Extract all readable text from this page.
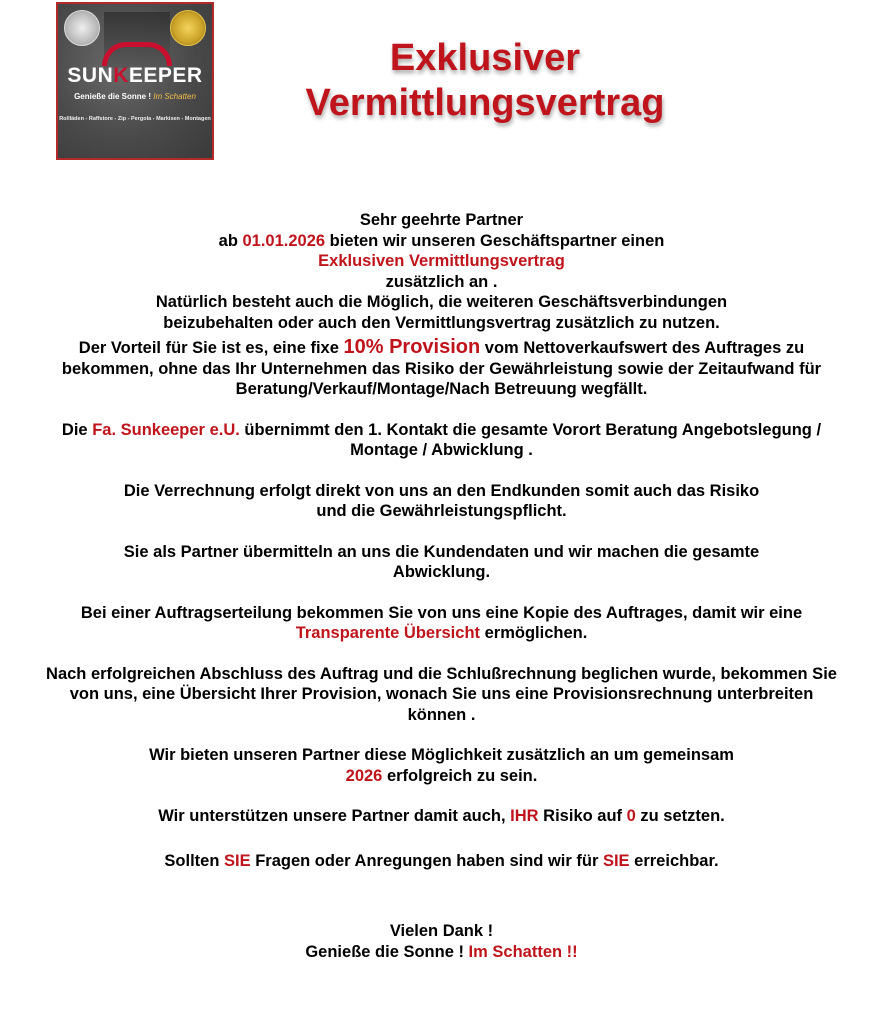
SUNKEEPER
Genieße die Sonne ! Im Schatten
Rollläden - Raffstore - Zip - Pergola - Markisen - Montagen
Exklusiver
Vermittlungsvertrag

Sehr geehrte Partner

ab 01.01.2026 bieten wir unseren Geschäftspartner einen

Exklusiven Vermittlungsvertrag

zusätzlich an .

Natürlich besteht auch die Möglich, die weiteren Geschäftsverbindungen beizubehalten oder auch den Vermittlungsvertrag zusätzlich zu nutzen.

Der Vorteil für Sie ist es, eine fixe 10% Provision vom Nettoverkaufswert des Auftrages zu bekommen, ohne das Ihr Unternehmen das Risiko der Gewährleistung sowie der Zeitaufwand für Beratung/Verkauf/Montage/Nach Betreuung wegfällt.

Die Fa. Sunkeeper e.U. übernimmt den 1. Kontakt die gesamte Vorort Beratung Angebotslegung / Montage / Abwicklung .

Die Verrechnung erfolgt direkt von uns an den Endkunden somit auch das Risiko und die Gewährleistungspflicht.

Sie als Partner übermitteln an uns die Kundendaten und wir machen die gesamte Abwicklung.

Bei einer Auftragserteilung bekommen Sie von uns eine Kopie des Auftrages, damit wir eine Transparente Übersicht ermöglichen.

Nach erfolgreichen Abschluss des Auftrag und die Schlußrechnung beglichen wurde, bekommen Sie von uns, eine Übersicht Ihrer Provision, wonach Sie uns eine Provisionsrechnung unterbreiten können .

Wir bieten unseren Partner diese Möglichkeit zusätzlich an um gemeinsam
2026 erfolgreich zu sein.

Wir unterstützen unsere Partner damit auch, IHR Risiko auf 0 zu setzten.

Sollten SIE Fragen oder Anregungen haben sind wir für SIE erreichbar.

Vielen Dank !

Genieße die Sonne ! Im Schatten !!
